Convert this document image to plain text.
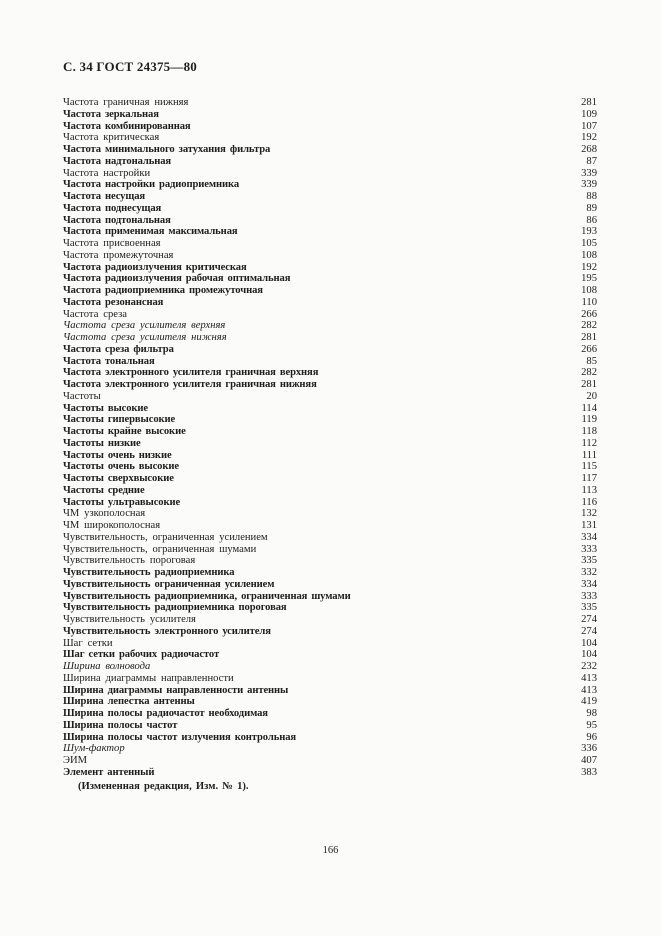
С. 34 ГОСТ 24375—80
Частота граничная нижняя	281
Частота зеркальная	109
Частота комбинированная	107
Частота критическая	192
Частота минимального затухания фильтра	268
Частота надтональная	87
Частота настройки	339
Частота настройки радиоприемника	339
Частота несущая	88
Частота поднесущая	89
Частота подтональная	86
Частота применимая максимальная	193
Частота присвоенная	105
Частота промежуточная	108
Частота радиоизлучения критическая	192
Частота радиоизлучения рабочая оптимальная	195
Частота радиоприемника промежуточная	108
Частота резонансная	110
Частота среза	266
Частота среза усилителя верхняя	282
Частота среза усилителя нижняя	281
Частота среза фильтра	266
Частота тональная	85
Частота электронного усилителя граничная верхняя	282
Частота электронного усилителя граничная нижняя	281
Частоты	20
Частоты высокие	114
Частоты гипервысокие	119
Частоты крайне высокие	118
Частоты низкие	112
Частоты очень низкие	111
Частоты очень высокие	115
Частоты сверхвысокие	117
Частоты средние	113
Частоты ультравысокие	116
ЧМ узкополосная	132
ЧМ широкополосная	131
Чувствительность, ограниченная усилением	334
Чувствительность, ограниченная шумами	333
Чувствительность пороговая	335
Чувствительность радиоприемника	332
Чувствительность ограниченная усилением	334
Чувствительность радиоприемника, ограниченная шумами	333
Чувствительность радиоприемника пороговая	335
Чувствительность усилителя	274
Чувствительность электронного усилителя	274
Шаг сетки	104
Шаг сетки рабочих радиочастот	104
Ширина волновода	232
Ширина диаграммы направленности	413
Ширина диаграммы направленности антенны	413
Ширина лепестка антенны	419
Ширина полосы радиочастот необходимая	98
Ширина полосы частот	95
Ширина полосы частот излучения контрольная	96
Шум-фактор	336
ЭИМ	407
Элемент антенный	383
(Измененная редакция, Изм. № 1).
166
